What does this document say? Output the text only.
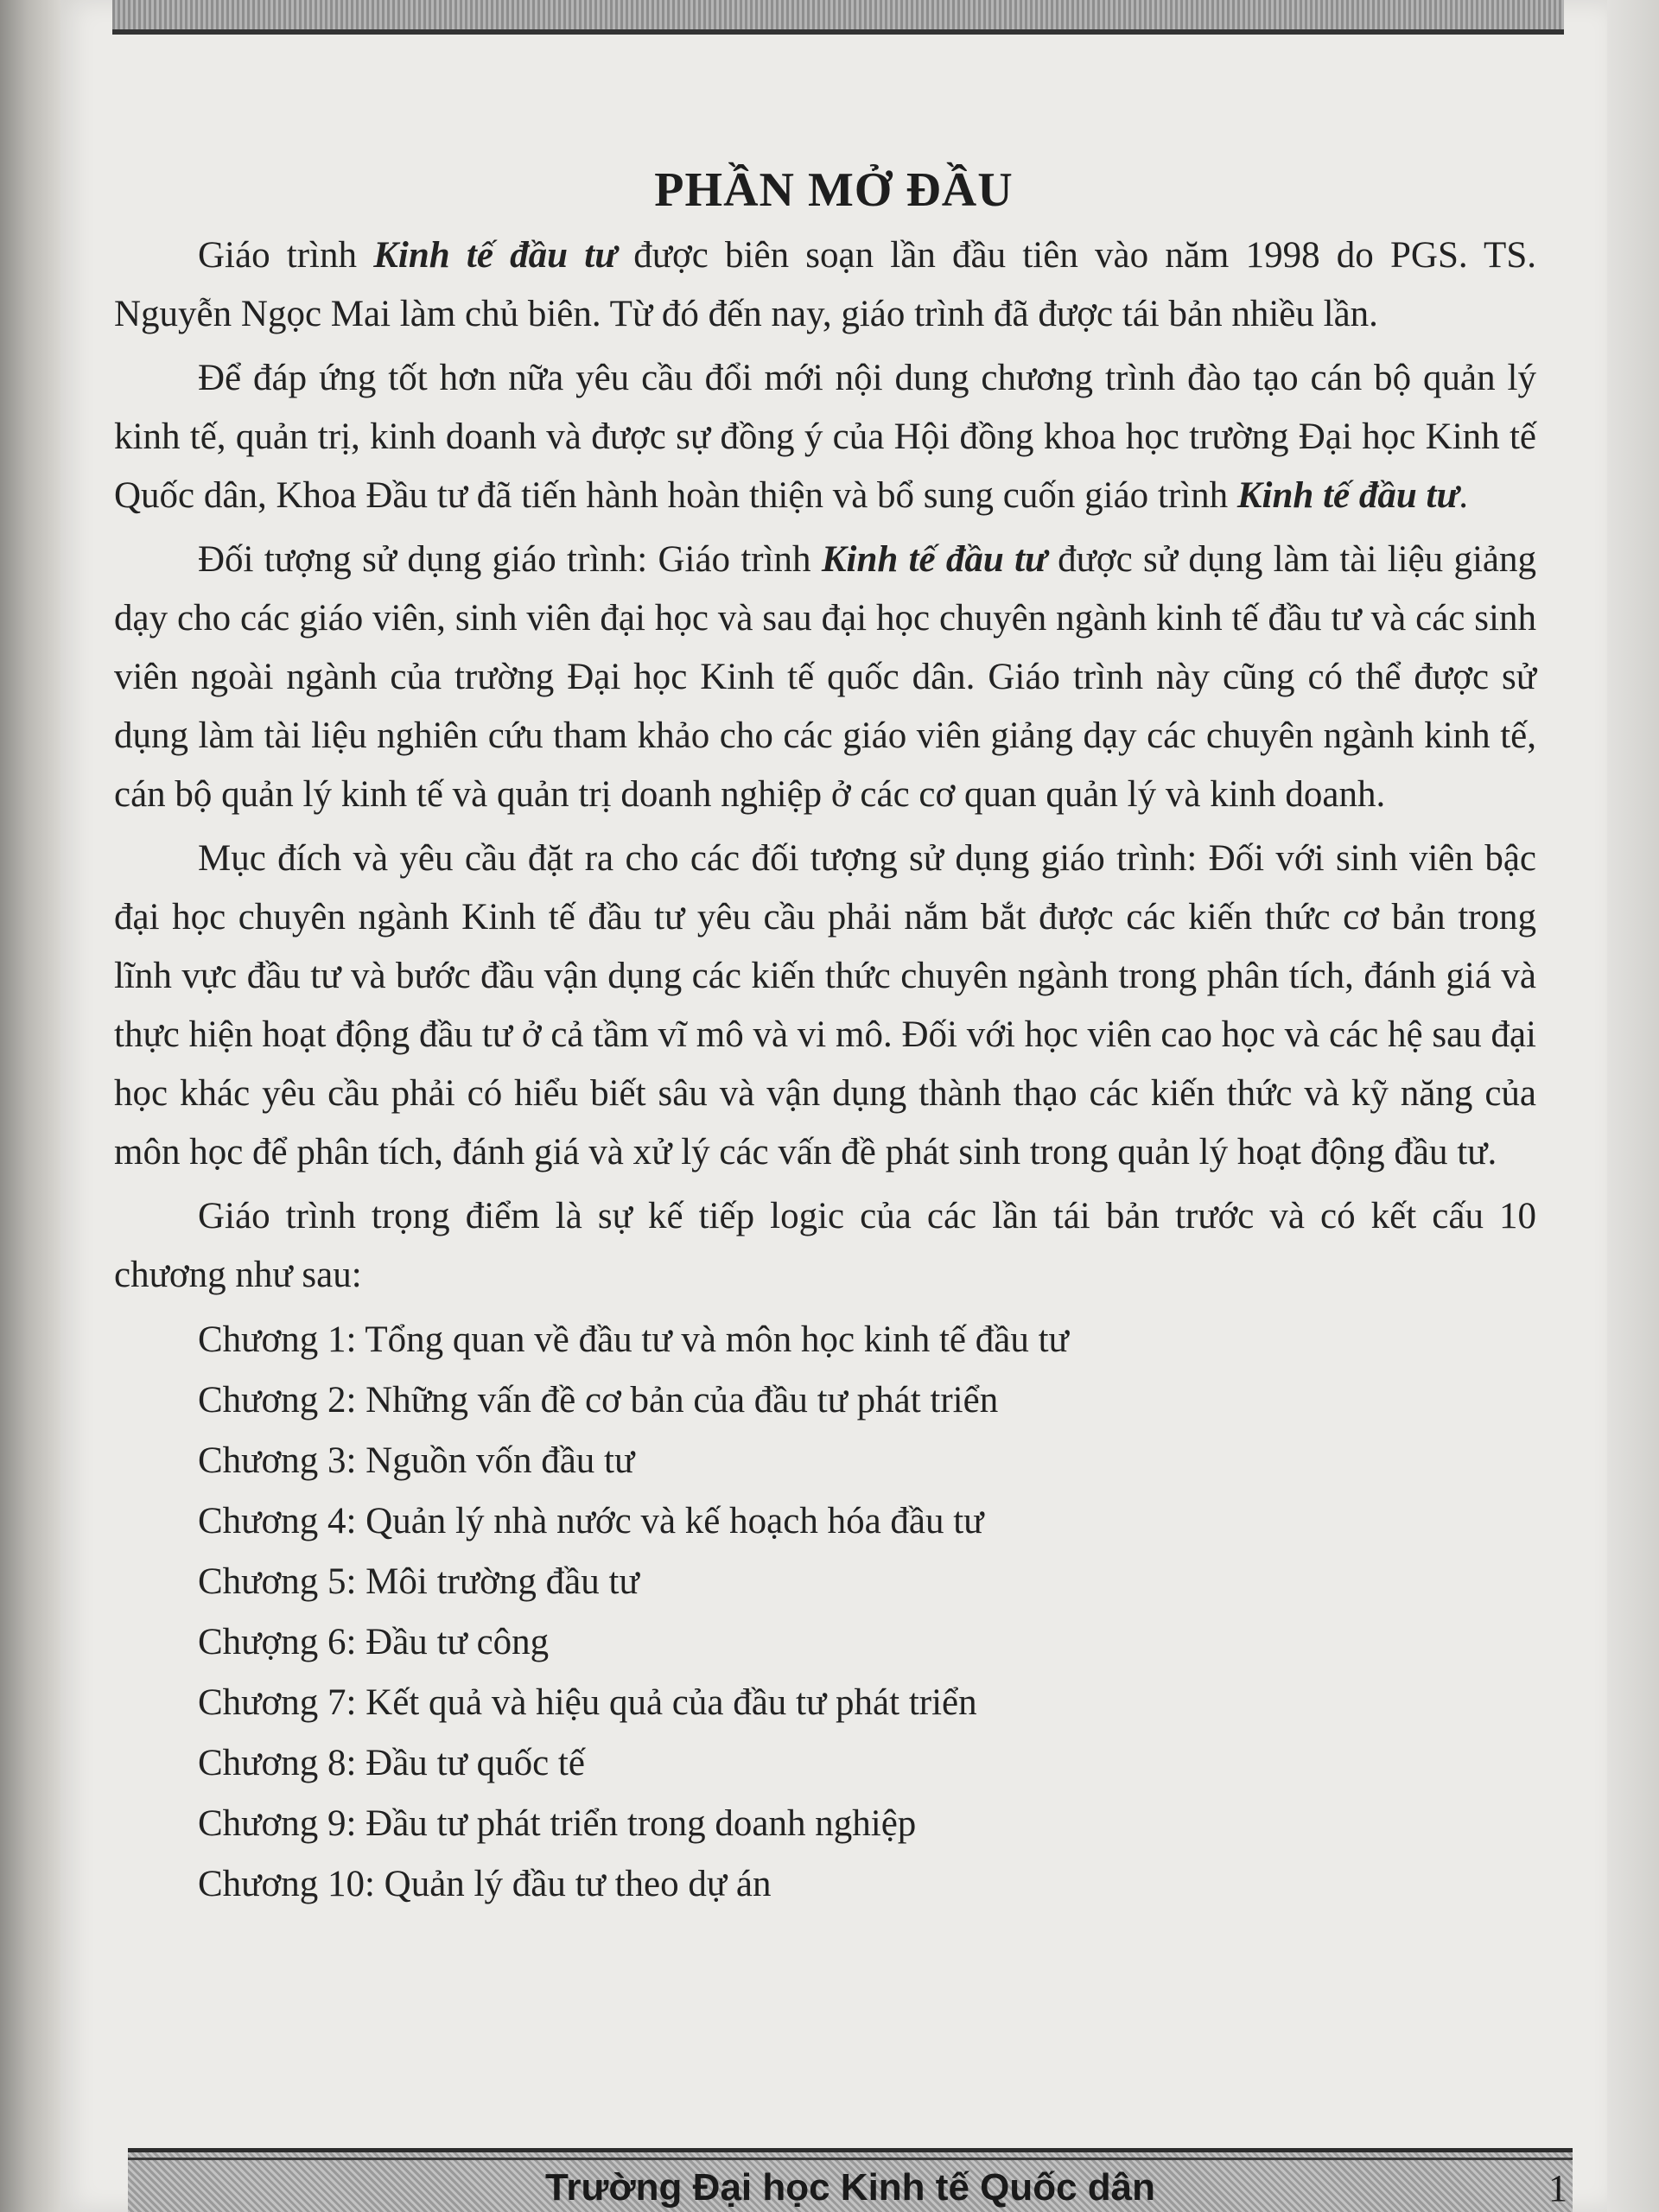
PHẦN MỞ ĐẦU

Giáo trình Kinh tế đầu tư được biên soạn lần đầu tiên vào năm 1998 do PGS. TS. Nguyễn Ngọc Mai làm chủ biên. Từ đó đến nay, giáo trình đã được tái bản nhiều lần.

Để đáp ứng tốt hơn nữa yêu cầu đổi mới nội dung chương trình đào tạo cán bộ quản lý kinh tế, quản trị, kinh doanh và được sự đồng ý của Hội đồng khoa học trường Đại học Kinh tế Quốc dân, Khoa Đầu tư đã tiến hành hoàn thiện và bổ sung cuốn giáo trình Kinh tế đầu tư.

Đối tượng sử dụng giáo trình: Giáo trình Kinh tế đầu tư được sử dụng làm tài liệu giảng dạy cho các giáo viên, sinh viên đại học và sau đại học chuyên ngành kinh tế đầu tư và các sinh viên ngoài ngành của trường Đại học Kinh tế quốc dân. Giáo trình này cũng có thể được sử dụng làm tài liệu nghiên cứu tham khảo cho các giáo viên giảng dạy các chuyên ngành kinh tế, cán bộ quản lý kinh tế và quản trị doanh nghiệp ở các cơ quan quản lý và kinh doanh.

Mục đích và yêu cầu đặt ra cho các đối tượng sử dụng giáo trình: Đối với sinh viên bậc đại học chuyên ngành Kinh tế đầu tư yêu cầu phải nắm bắt được các kiến thức cơ bản trong lĩnh vực đầu tư và bước đầu vận dụng các kiến thức chuyên ngành trong phân tích, đánh giá và thực hiện hoạt động đầu tư ở cả tầm vĩ mô và vi mô. Đối với học viên cao học và các hệ sau đại học khác yêu cầu phải có hiểu biết sâu và vận dụng thành thạo các kiến thức và kỹ năng của môn học để phân tích, đánh giá và xử lý các vấn đề phát sinh trong quản lý hoạt động đầu tư.

Giáo trình trọng điểm là sự kế tiếp logic của các lần tái bản trước và có kết cấu 10 chương như sau:

Chương 1: Tổng quan về đầu tư và môn học kinh tế đầu tư
Chương 2: Những vấn đề cơ bản của đầu tư phát triển
Chương 3: Nguồn vốn đầu tư
Chương 4: Quản lý nhà nước và kế hoạch hóa đầu tư
Chương 5: Môi trường đầu tư
Chượng 6: Đầu tư công
Chương 7: Kết quả và hiệu quả của đầu tư phát triển
Chương 8: Đầu tư quốc tế
Chương 9: Đầu tư phát triển trong doanh nghiệp
Chương 10: Quản lý đầu tư theo dự án
Trường Đại học Kinh tế Quốc dân	1
